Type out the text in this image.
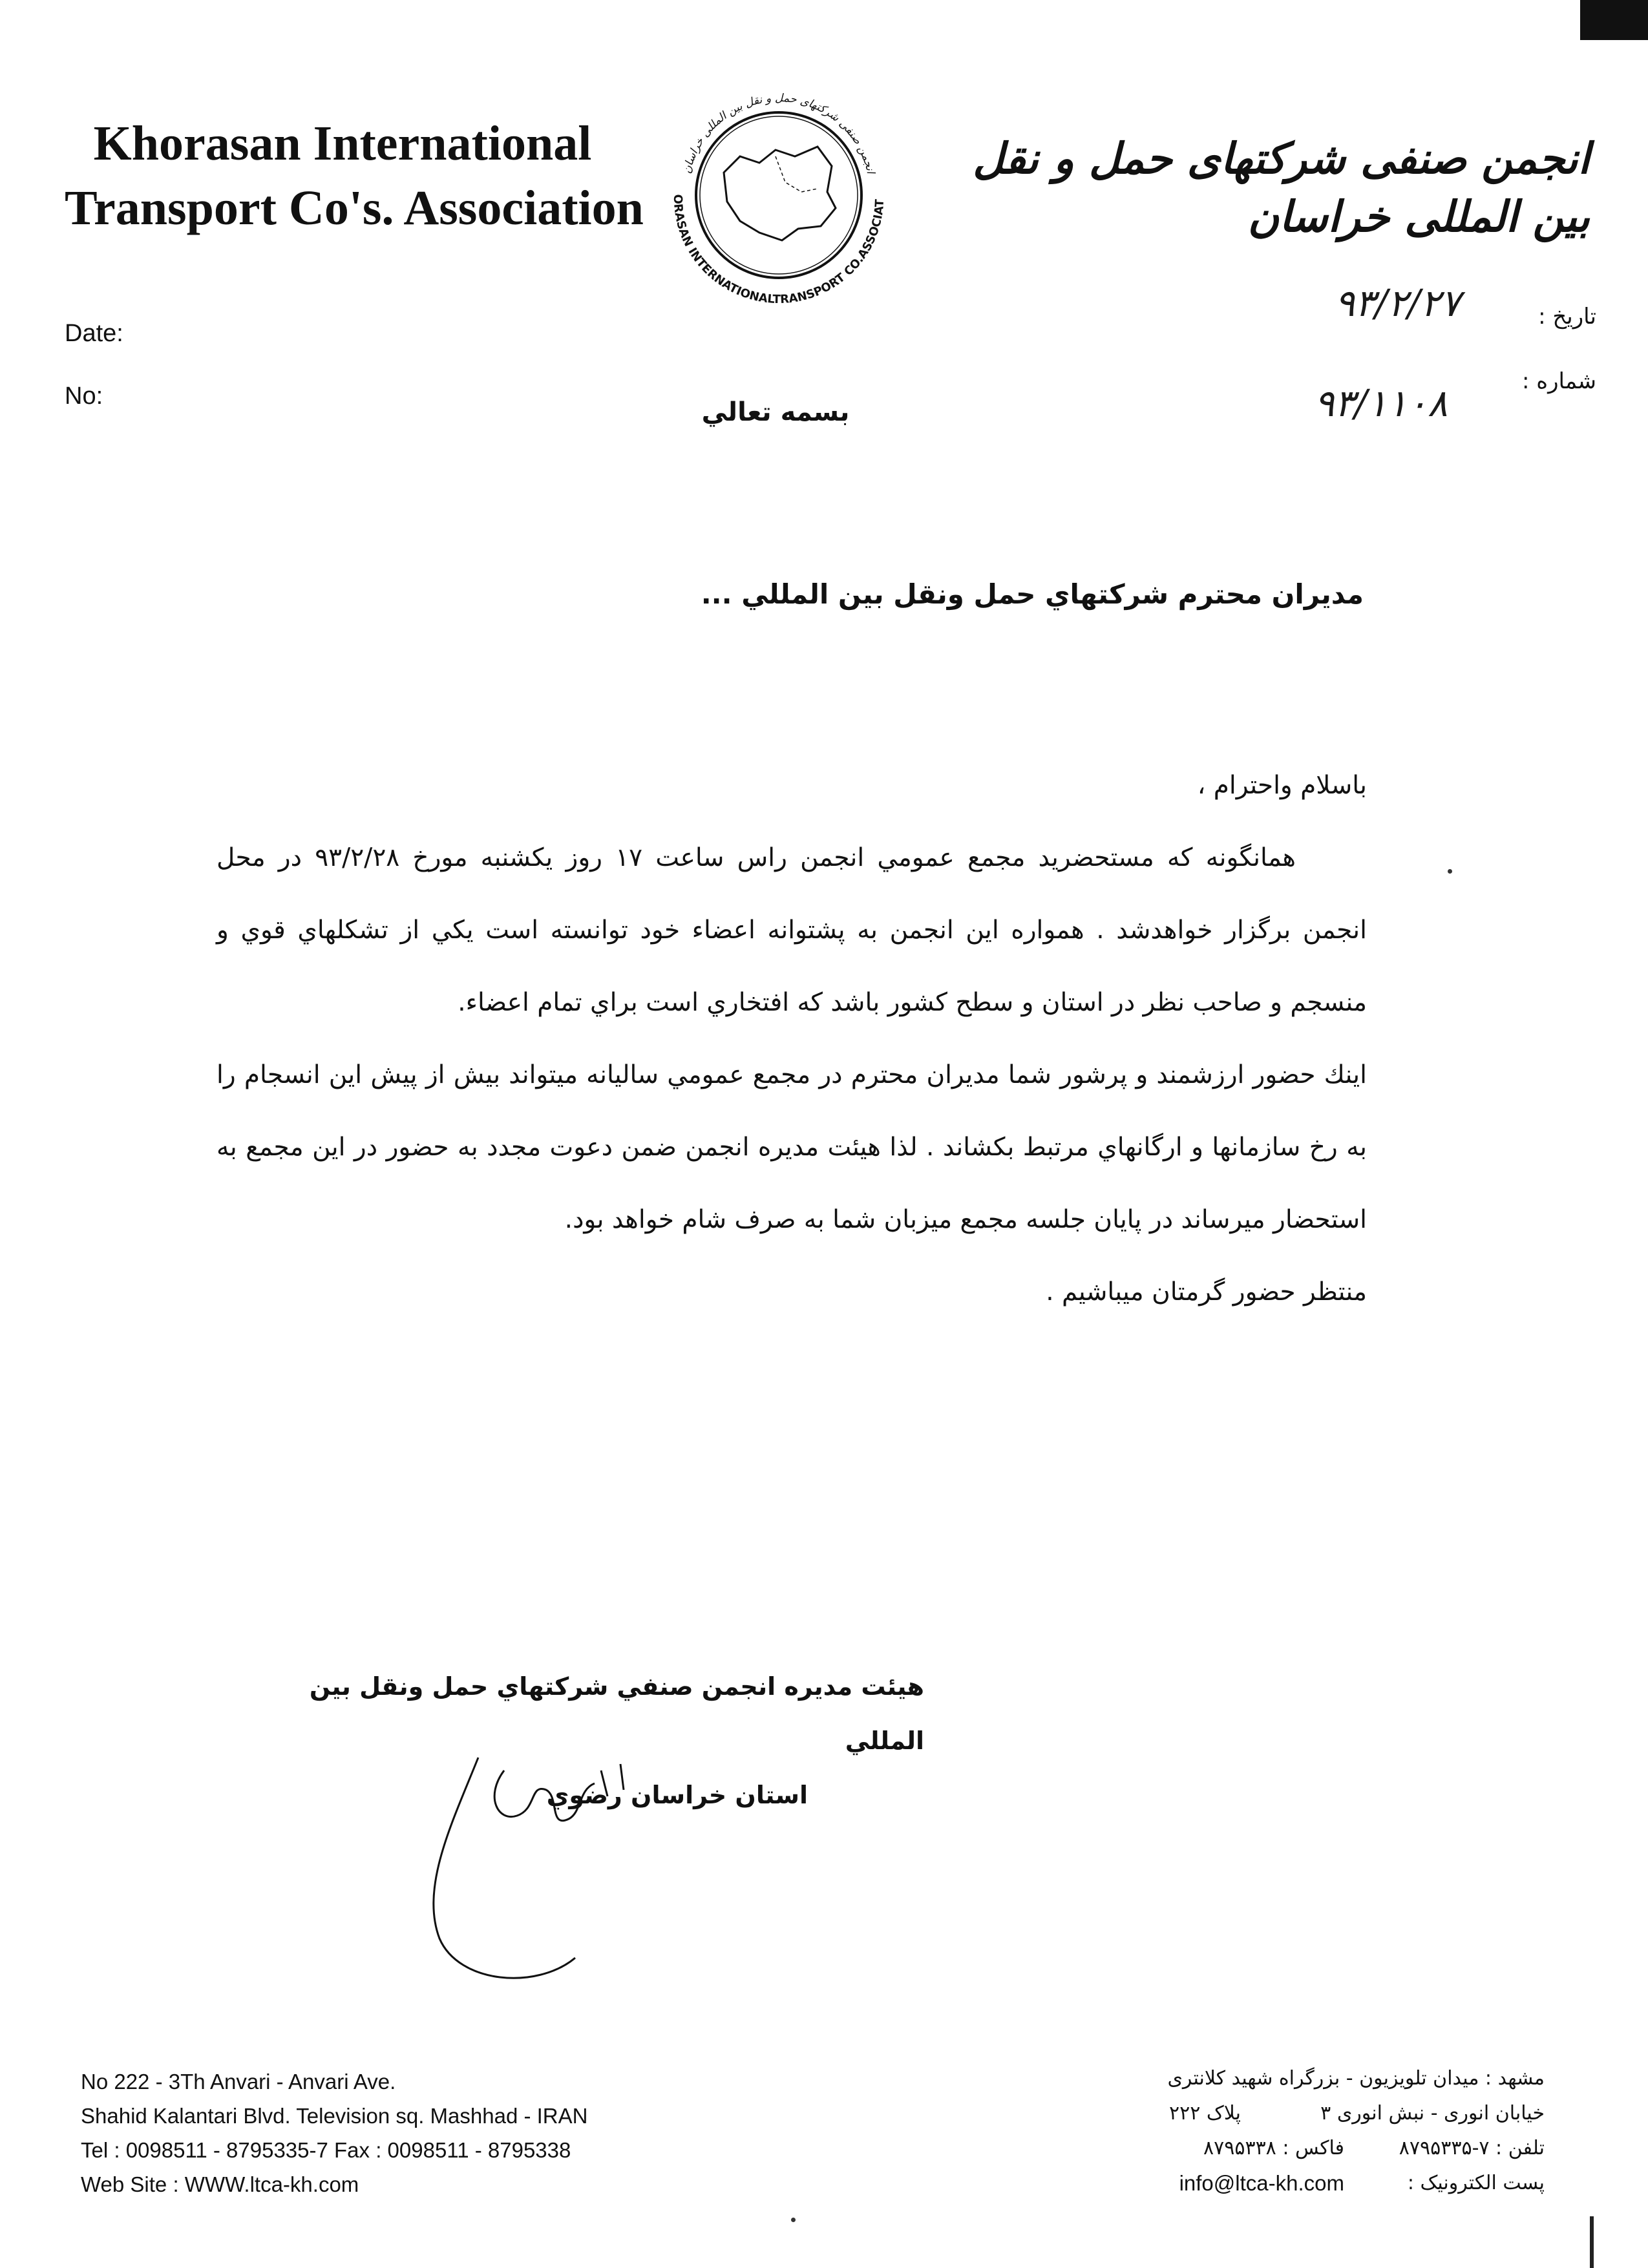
Khorasan International
Transport Co's. Association
انجمن صنفی شرکتهای حمل و نقل بین المللی خراسان
ORASAN INTERNATIONALTRANSPORT CO.ASSOCIAT
انجمن صنفی شرکتهای حمل و نقل بین المللی خراسان
Date:
No:
تاریخ :
۹۳/۲/۲۷
شماره :
۹۳/۱۱۰۸
بسمه تعالي
مديران محترم شرکتهاي حمل ونقل بين المللي ...

باسلام واحترام ،

همانگونه که مستحضريد مجمع عمومي انجمن راس ساعت ۱۷ روز يکشنبه مورخ ۹۳/۲/۲۸ در محل انجمن برگزار خواهدشد . همواره اين انجمن به پشتوانه اعضاء خود توانسته است يکي از تشکلهاي قوي و منسجم و صاحب نظر در استان و سطح کشور باشد که افتخاري است براي تمام اعضاء.

اينك حضور ارزشمند و پرشور شما مديران محترم در مجمع عمومي ساليانه ميتواند بيش از پيش اين انسجام را به رخ سازمانها و ارگانهاي مرتبط بکشاند . لذا هيئت مديره انجمن ضمن دعوت مجدد به حضور در اين مجمع به استحضار ميرساند در پايان جلسه مجمع ميزبان شما به صرف شام خواهد بود.

منتظر حضور گرمتان ميباشيم .

هيئت مديره انجمن صنفي شرکتهاي حمل ونقل بين المللي
استان خراسان رضوي
No 222 - 3Th Anvari - Anvari Ave.
Shahid Kalantari Blvd. Television sq. Mashhad - IRAN
Tel : 0098511 - 8795335-7 Fax : 0098511 - 8795338
Web Site : WWW.ltca-kh.com
مشهد : میدان تلویزیون - بزرگراه شهید کلانتری
خیابان انوری - نبش انوری ۳
پلاک ۲۲۲
تلفن : ۷-۸۷۹۵۳۳۵
فاکس : ۸۷۹۵۳۳۸
پست الکترونیک :
info@ltca-kh.com
